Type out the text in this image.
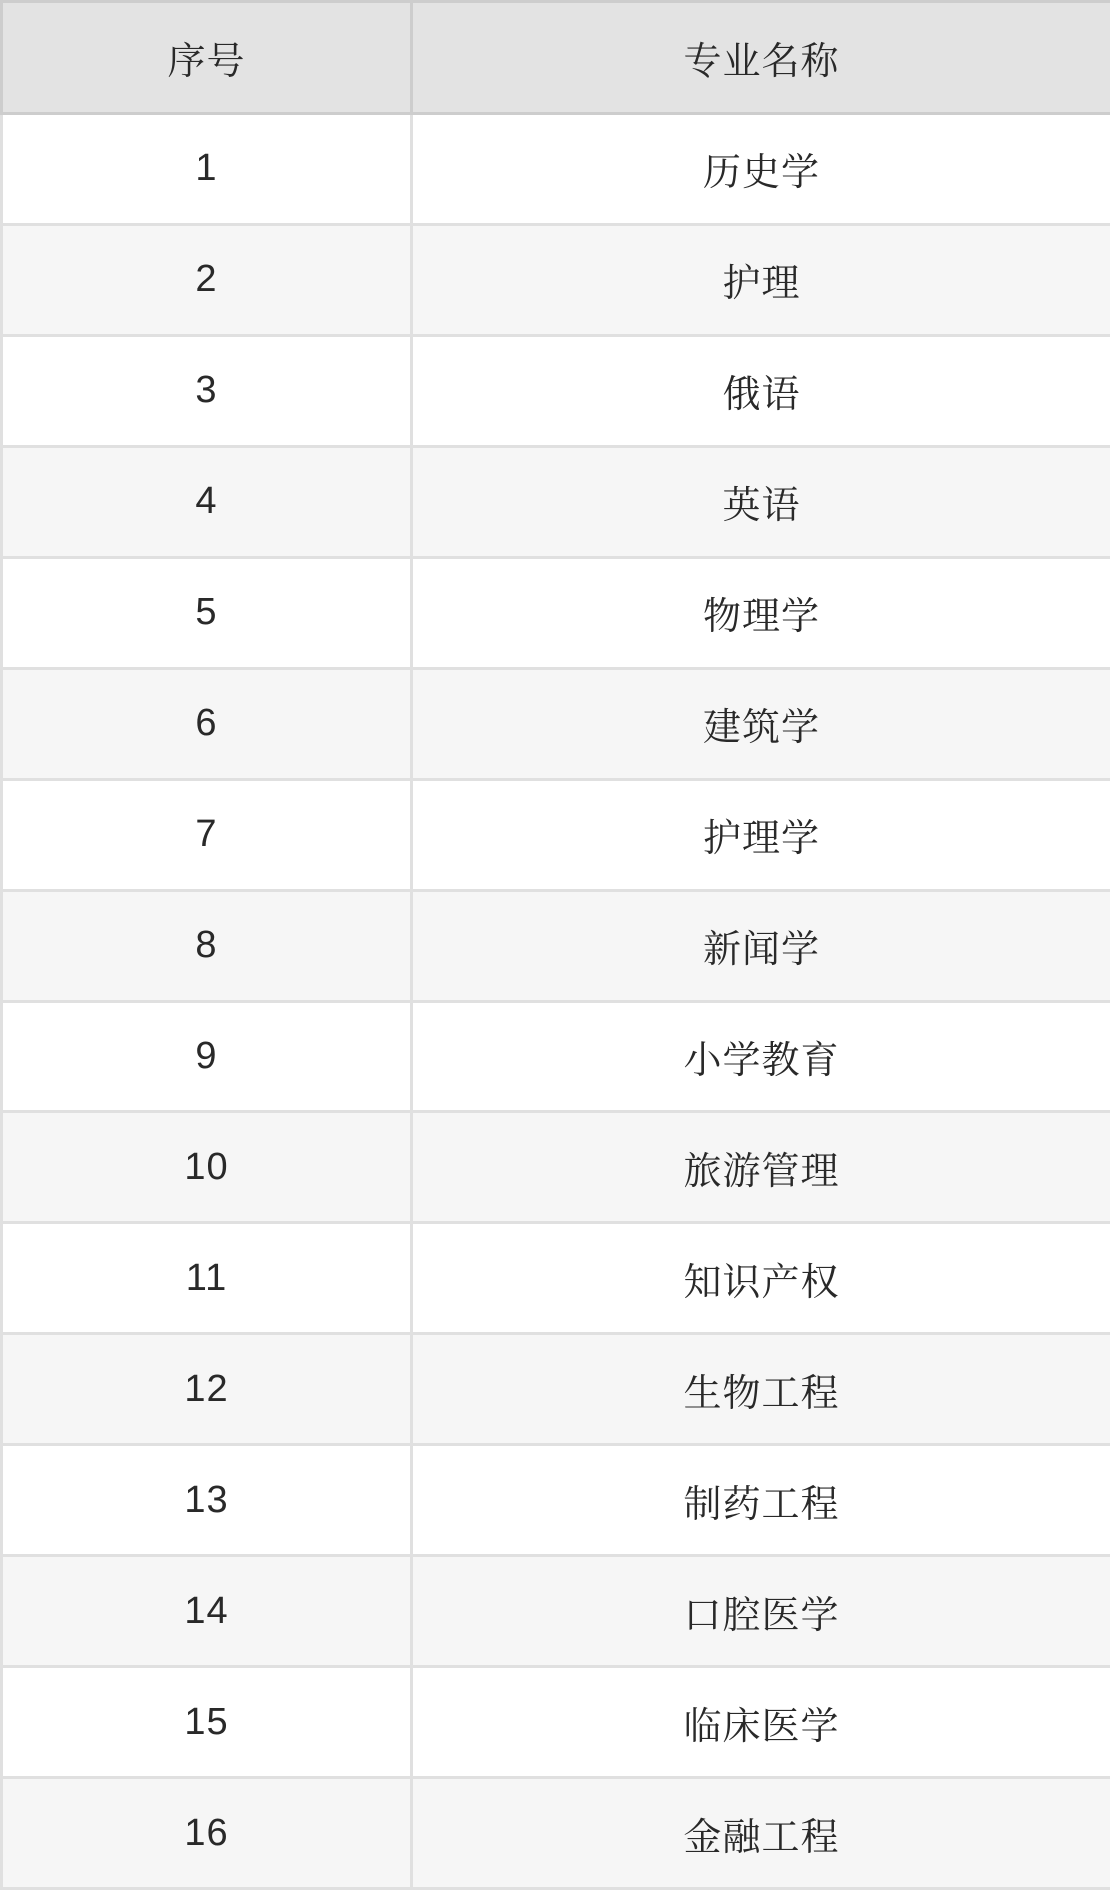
序号	专业名称
1	历史学
2	护理
3	俄语
4	英语
5	物理学
6	建筑学
7	护理学
8	新闻学
9	小学教育
10	旅游管理
11	知识产权
12	生物工程
13	制药工程
14	口腔医学
15	临床医学
16	金融工程
